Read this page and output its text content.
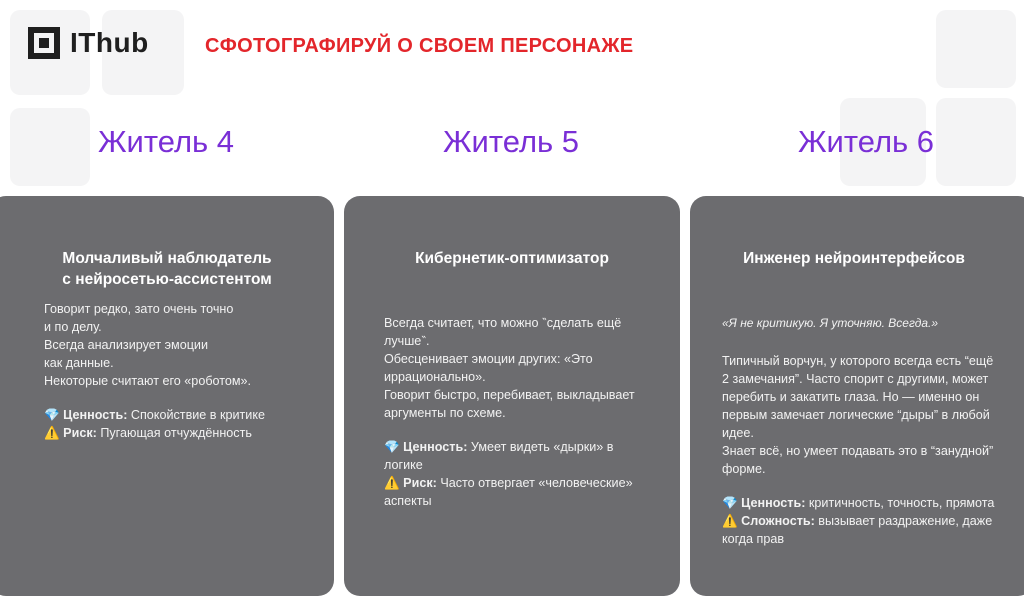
IThub	СФОТОГРАФИРУЙ О СВОЕМ ПЕРСОНАЖЕ
Житель 4	Житель 5	Житель 6
Молчаливый наблюдатель
с нейросетью-ассистентом

Говорит редко, зато очень точно

и по делу.

Всегда анализирует эмоции

как данные.

Некоторые считают его «роботом».

💎 Ценность: Спокойствие в критике

⚠️ Риск: Пугающая отчуждённость

Кибернетик-оптимизатор

Всегда считает, что можно ‶сделать ещё

лучше‶.

Обесценивает эмоции других: «Это

иррационально».

Говорит быстро, перебивает, выкладывает

аргументы по схеме.

💎 Ценность: Умеет видеть «дырки» в

логике

⚠️ Риск: Часто отвергает «человеческие»

аспекты

Инженер нейроинтерфейсов

«Я не критикую. Я уточняю. Всегда.»

Типичный ворчун, у которого всегда есть “ещё

2 замечания”. Часто спорит с другими, может

перебить и закатить глаза. Но — именно он

первым замечает логические “дыры” в любой

идее.

Знает всё, но умеет подавать это в “занудной”

форме.

💎 Ценность: критичность, точность, прямота

⚠️ Сложность: вызывает раздражение, даже

когда прав
